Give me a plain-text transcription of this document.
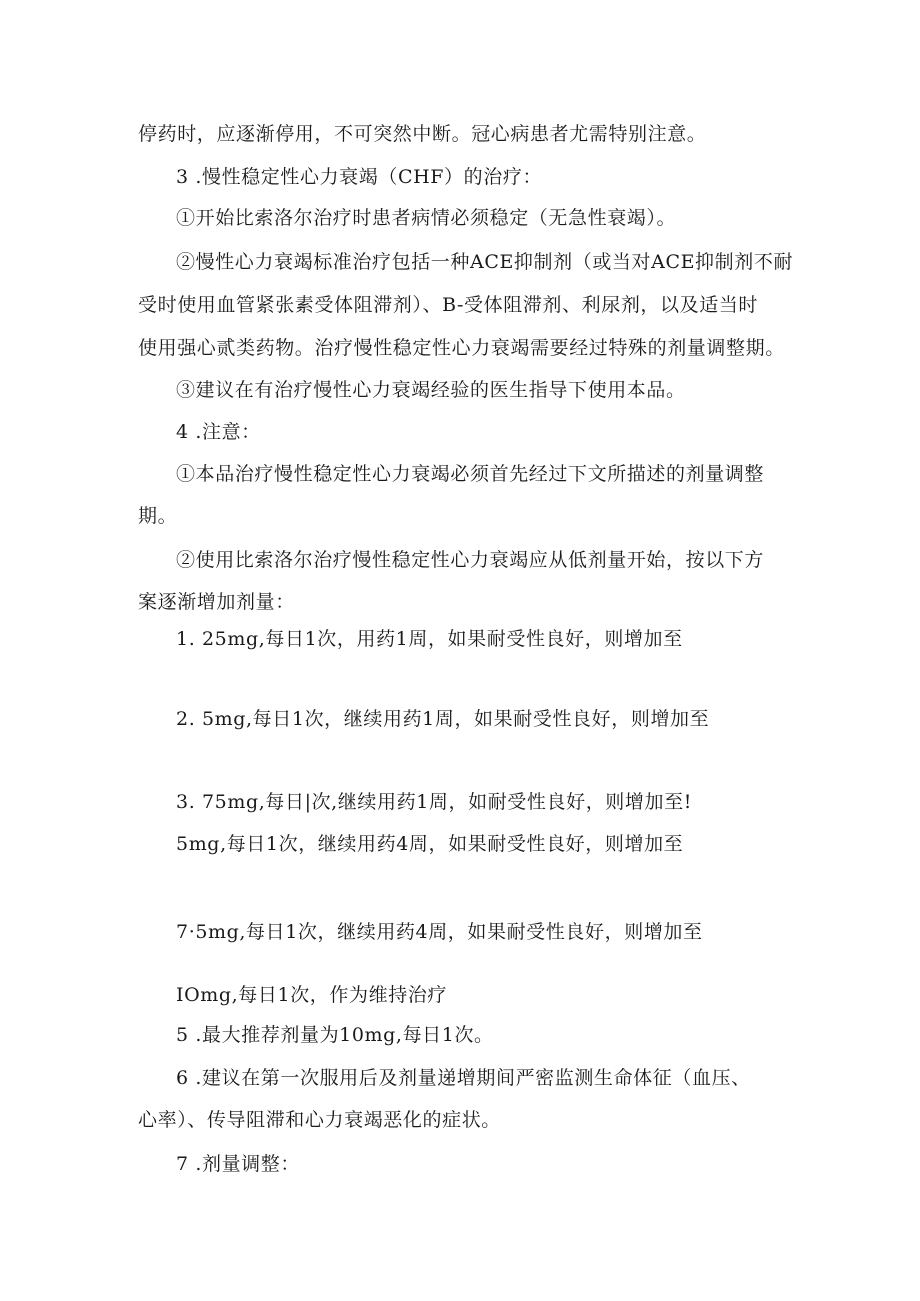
停药时，应逐渐停用，不可突然中断。冠心病患者尤需特别注意。
3 .慢性稳定性心力衰竭（CHF）的治疗：
①开始比索洛尔治疗时患者病情必须稳定（无急性衰竭）。
②慢性心力衰竭标准治疗包括一种ACE抑制剂（或当对ACE抑制剂不耐
受时使用血管紧张素受体阻滞剂）、B-受体阻滞剂、利尿剂，以及适当时
使用强心贰类药物。治疗慢性稳定性心力衰竭需要经过特殊的剂量调整期。
③建议在有治疗慢性心力衰竭经验的医生指导下使用本品。
4 .注意：
①本品治疗慢性稳定性心力衰竭必须首先经过下文所描述的剂量调整
期。
②使用比索洛尔治疗慢性稳定性心力衰竭应从低剂量开始，按以下方
案逐渐增加剂量：
1. 25mg,每日1次，用药1周，如果耐受性良好，则增加至
2. 5mg,每日1次，继续用药1周，如果耐受性良好，则增加至
3. 75mg,每日|次,继续用药1周，如耐受性良好，则增加至!
5mg,每日1次，继续用药4周，如果耐受性良好，则增加至
7·5mg,每日1次，继续用药4周，如果耐受性良好，则增加至
IOmg,每日1次，作为维持治疗
5 .最大推荐剂量为10mg,每日1次。
6 .建议在第一次服用后及剂量递增期间严密监测生命体征（血压、
心率）、传导阻滞和心力衰竭恶化的症状。
7 .剂量调整：
